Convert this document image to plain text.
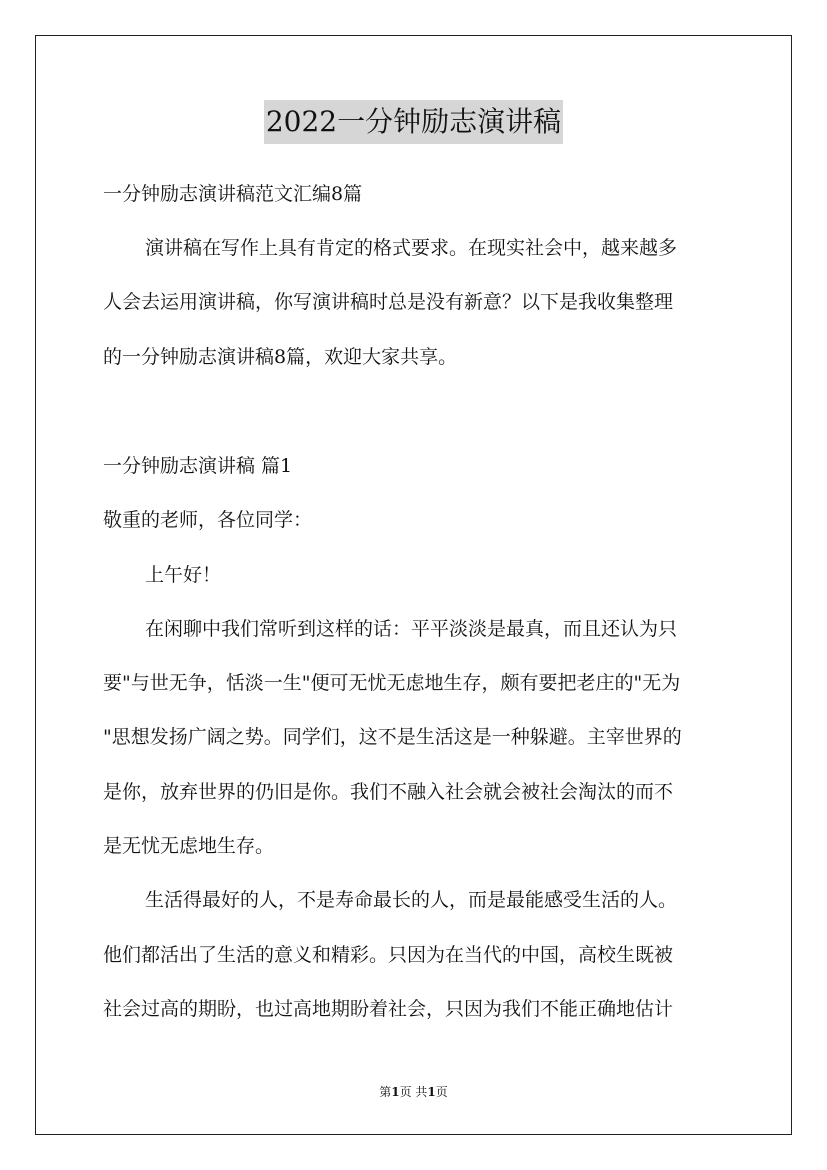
2022一分钟励志演讲稿
一分钟励志演讲稿范文汇编8篇
演讲稿在写作上具有肯定的格式要求。在现实社会中，越来越多
人会去运用演讲稿，你写演讲稿时总是没有新意？以下是我收集整理
的一分钟励志演讲稿8篇，欢迎大家共享。
一分钟励志演讲稿 篇1
敬重的老师，各位同学：
上午好！
在闲聊中我们常听到这样的话：平平淡淡是最真，而且还认为只
要"与世无争，恬淡一生"便可无忧无虑地生存，颇有要把老庄的"无为
"思想发扬广阔之势。同学们，这不是生活这是一种躲避。主宰世界的
是你，放弃世界的仍旧是你。我们不融入社会就会被社会淘汰的而不
是无忧无虑地生存。
生活得最好的人，不是寿命最长的人，而是最能感受生活的人。
他们都活出了生活的意义和精彩。只因为在当代的中国，高校生既被
社会过高的期盼，也过高地期盼着社会，只因为我们不能正确地估计
第1页 共1页
